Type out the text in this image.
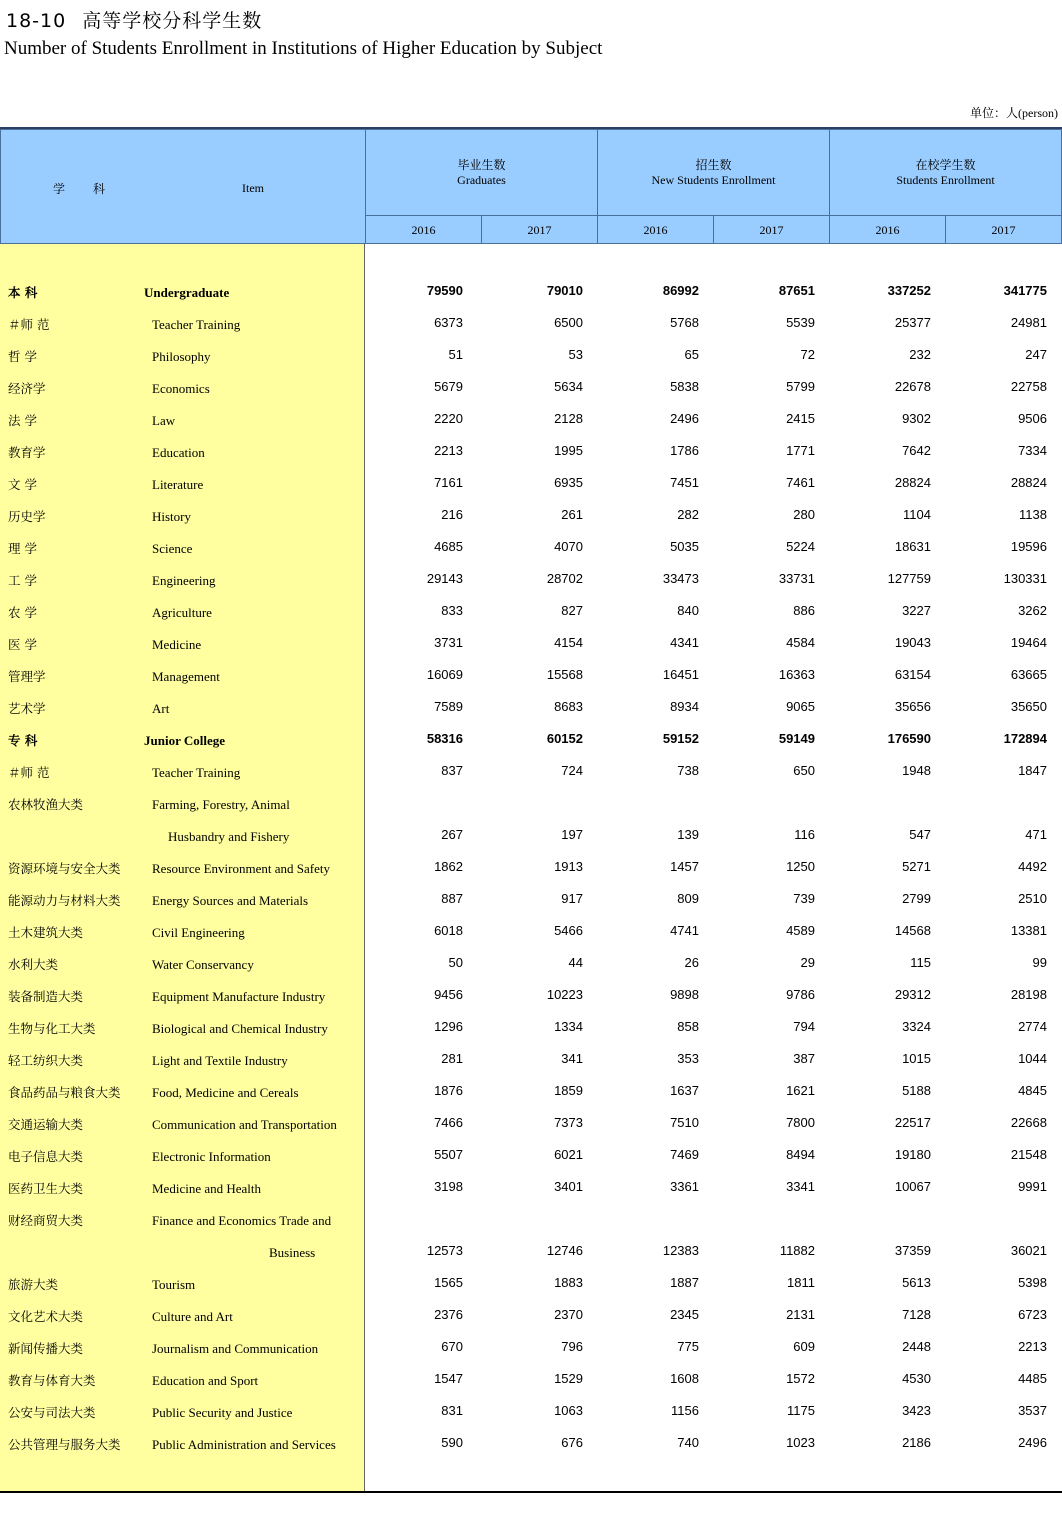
18-10 高等学校分科学生数
Number of Students Enrollment in Institutions of Higher Education by Subject
单位：人(person)
学　科	Item
毕业生数
Graduates
招生数
New Students Enrollment
在校学生数
Students Enrollment
2016	2017	2016	2017	2016	2017
本 科	Undergraduate	79590	79010	86992	87651	337252	341775
＃师 范	Teacher Training	6373	6500	5768	5539	25377	24981
哲 学	Philosophy	51	53	65	72	232	247
经济学	Economics	5679	5634	5838	5799	22678	22758
法 学	Law	2220	2128	2496	2415	9302	9506
教育学	Education	2213	1995	1786	1771	7642	7334
文 学	Literature	7161	6935	7451	7461	28824	28824
历史学	History	216	261	282	280	1104	1138
理 学	Science	4685	4070	5035	5224	18631	19596
工 学	Engineering	29143	28702	33473	33731	127759	130331
农 学	Agriculture	833	827	840	886	3227	3262
医 学	Medicine	3731	4154	4341	4584	19043	19464
管理学	Management	16069	15568	16451	16363	63154	63665
艺术学	Art	7589	8683	8934	9065	35656	35650
专 科	Junior College	58316	60152	59152	59149	176590	172894
＃师 范	Teacher Training	837	724	738	650	1948	1847
农林牧渔大类	Farming, Forestry, Animal
Husbandry and Fishery	267	197	139	116	547	471
资源环境与安全大类 Resource Environment and Safety	1862	1913	1457	1250	5271	4492
能源动力与材料大类 Energy Sources and Materials	887	917	809	739	2799	2510
土木建筑大类	Civil Engineering	6018	5466	4741	4589	14568	13381
水利大类	Water Conservancy	50	44	26	29	115	99
装备制造大类	Equipment Manufacture Industry	9456	10223	9898	9786	29312	28198
生物与化工大类	Biological and Chemical Industry	1296	1334	858	794	3324	2774
轻工纺织大类	Light and Textile Industry	281	341	353	387	1015	1044
食品药品与粮食大类 Food, Medicine and Cereals	1876	1859	1637	1621	5188	4845
交通运输大类	Communication and Transportation	7466	7373	7510	7800	22517	22668
电子信息大类	Electronic Information	5507	6021	7469	8494	19180	21548
医药卫生大类	Medicine and Health	3198	3401	3361	3341	10067	9991
财经商贸大类	Finance and Economics Trade and
Business	12573	12746	12383	11882	37359	36021
旅游大类	Tourism	1565	1883	1887	1811	5613	5398
文化艺术大类	Culture and Art	2376	2370	2345	2131	7128	6723
新闻传播大类	Journalism and Communication	670	796	775	609	2448	2213
教育与体育大类	Education and Sport	1547	1529	1608	1572	4530	4485
公安与司法大类	Public Security and Justice	831	1063	1156	1175	3423	3537
公共管理与服务大类 Public Administration and Services	590	676	740	1023	2186	2496
